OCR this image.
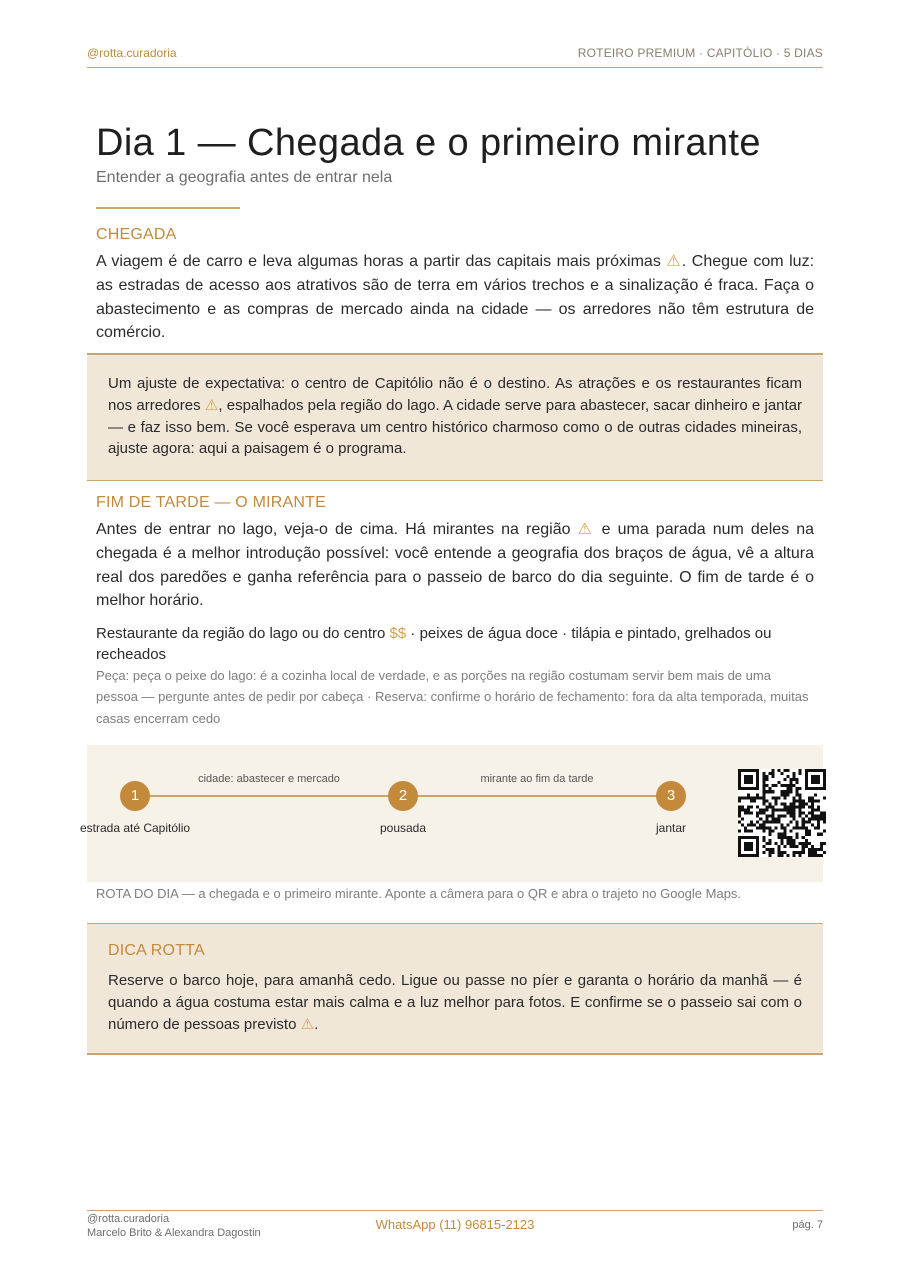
@rotta.curadoria	ROTEIRO PREMIUM · CAPITÓLIO · 5 DIAS
Dia 1 — Chegada e o primeiro mirante
Entender a geografia antes de entrar nela
CHEGADA

A viagem é de carro e leva algumas horas a partir das capitais mais próximas ⚠. Chegue com luz: as estradas de acesso aos atrativos são de terra em vários trechos e a sinalização é fraca. Faça o abastecimento e as compras de mercado ainda na cidade — os arredores não têm estrutura de comércio.

Um ajuste de expectativa: o centro de Capitólio não é o destino. As atrações e os restaurantes ficam nos arredores ⚠, espalhados pela região do lago. A cidade serve para abastecer, sacar dinheiro e jantar — e faz isso bem. Se você esperava um centro histórico charmoso como o de outras cidades mineiras, ajuste agora: aqui a paisagem é o programa.

FIM DE TARDE — O MIRANTE

Antes de entrar no lago, veja-o de cima. Há mirantes na região ⚠ e uma parada num deles na chegada é a melhor introdução possível: você entende a geografia dos braços de água, vê a altura real dos paredões e ganha referência para o passeio de barco do dia seguinte. O fim de tarde é o melhor horário.

Restaurante da região do lago ou do centro $$ · peixes de água doce · tilápia e pintado, grelhados ou recheados

Peça: peça o peixe do lago: é a cozinha local de verdade, e as porções na região costumam servir bem mais de uma pessoa — pergunte antes de pedir por cabeça · Reserva: confirme o horário de fechamento: fora da alta temporada, muitas casas encerram cedo

cidade: abastecer e mercado	mirante ao fim da tarde
1	2	3
estrada até Capitólio	pousada	jantar
ROTA DO DIA — a chegada e o primeiro mirante. Aponte a câmera para o QR e abra o trajeto no Google Maps.
DICA ROTTA

Reserve o barco hoje, para amanhã cedo. Ligue ou passe no píer e garanta o horário da manhã — é quando a água costuma estar mais calma e a luz melhor para fotos. E confirme se o passeio sai com o número de pessoas previsto ⚠.

@rotta.curadoria
Marcelo Brito & Alexandra Dagostin
WhatsApp (11) 96815-2123	pág. 7
